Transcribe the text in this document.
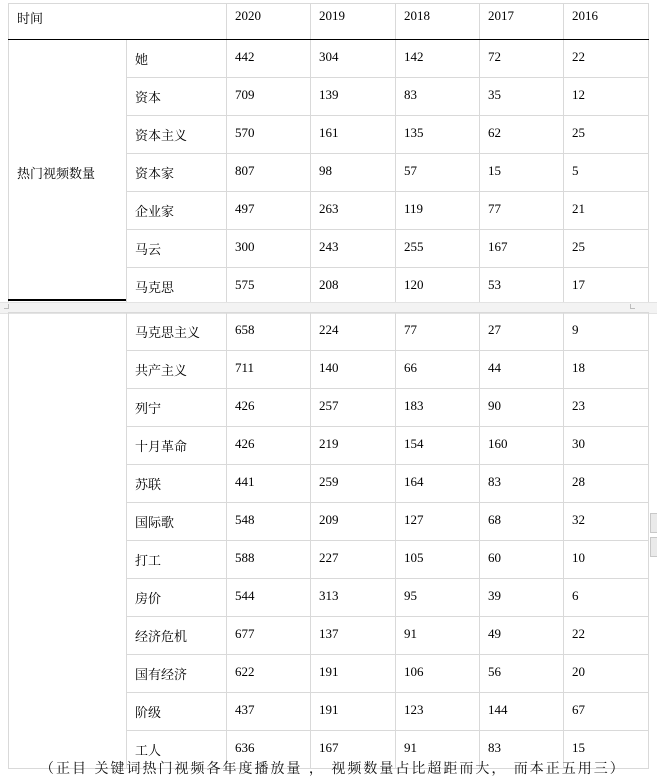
时间		2020	2019	2018	2017	2016
热门视频数量	她	442	304	142	72	22
	资本	709	139	83	35	12
	资本主义	570	161	135	62	25
	资本家	807	98	57	15	5
	企业家	497	263	119	77	21
	马云	300	243	255	167	25
	马克思	575	208	120	53	17
	马克思主义	658	224	77	27	9
	共产主义	711	140	66	44	18
	列宁	426	257	183	90	23
	十月革命	426	219	154	160	30
	苏联	441	259	164	83	28
	国际歌	548	209	127	68	32
	打工	588	227	105	60	10
	房价	544	313	95	39	6
	经济危机	677	137	91	49	22
	国有经济	622	191	106	56	20
	阶级	437	191	123	144	67
	工人	636	167	91	83	15
（正目 关键词热门视频各年度播放量 ， 视频数量占比超距而大， 而本正五用三）
